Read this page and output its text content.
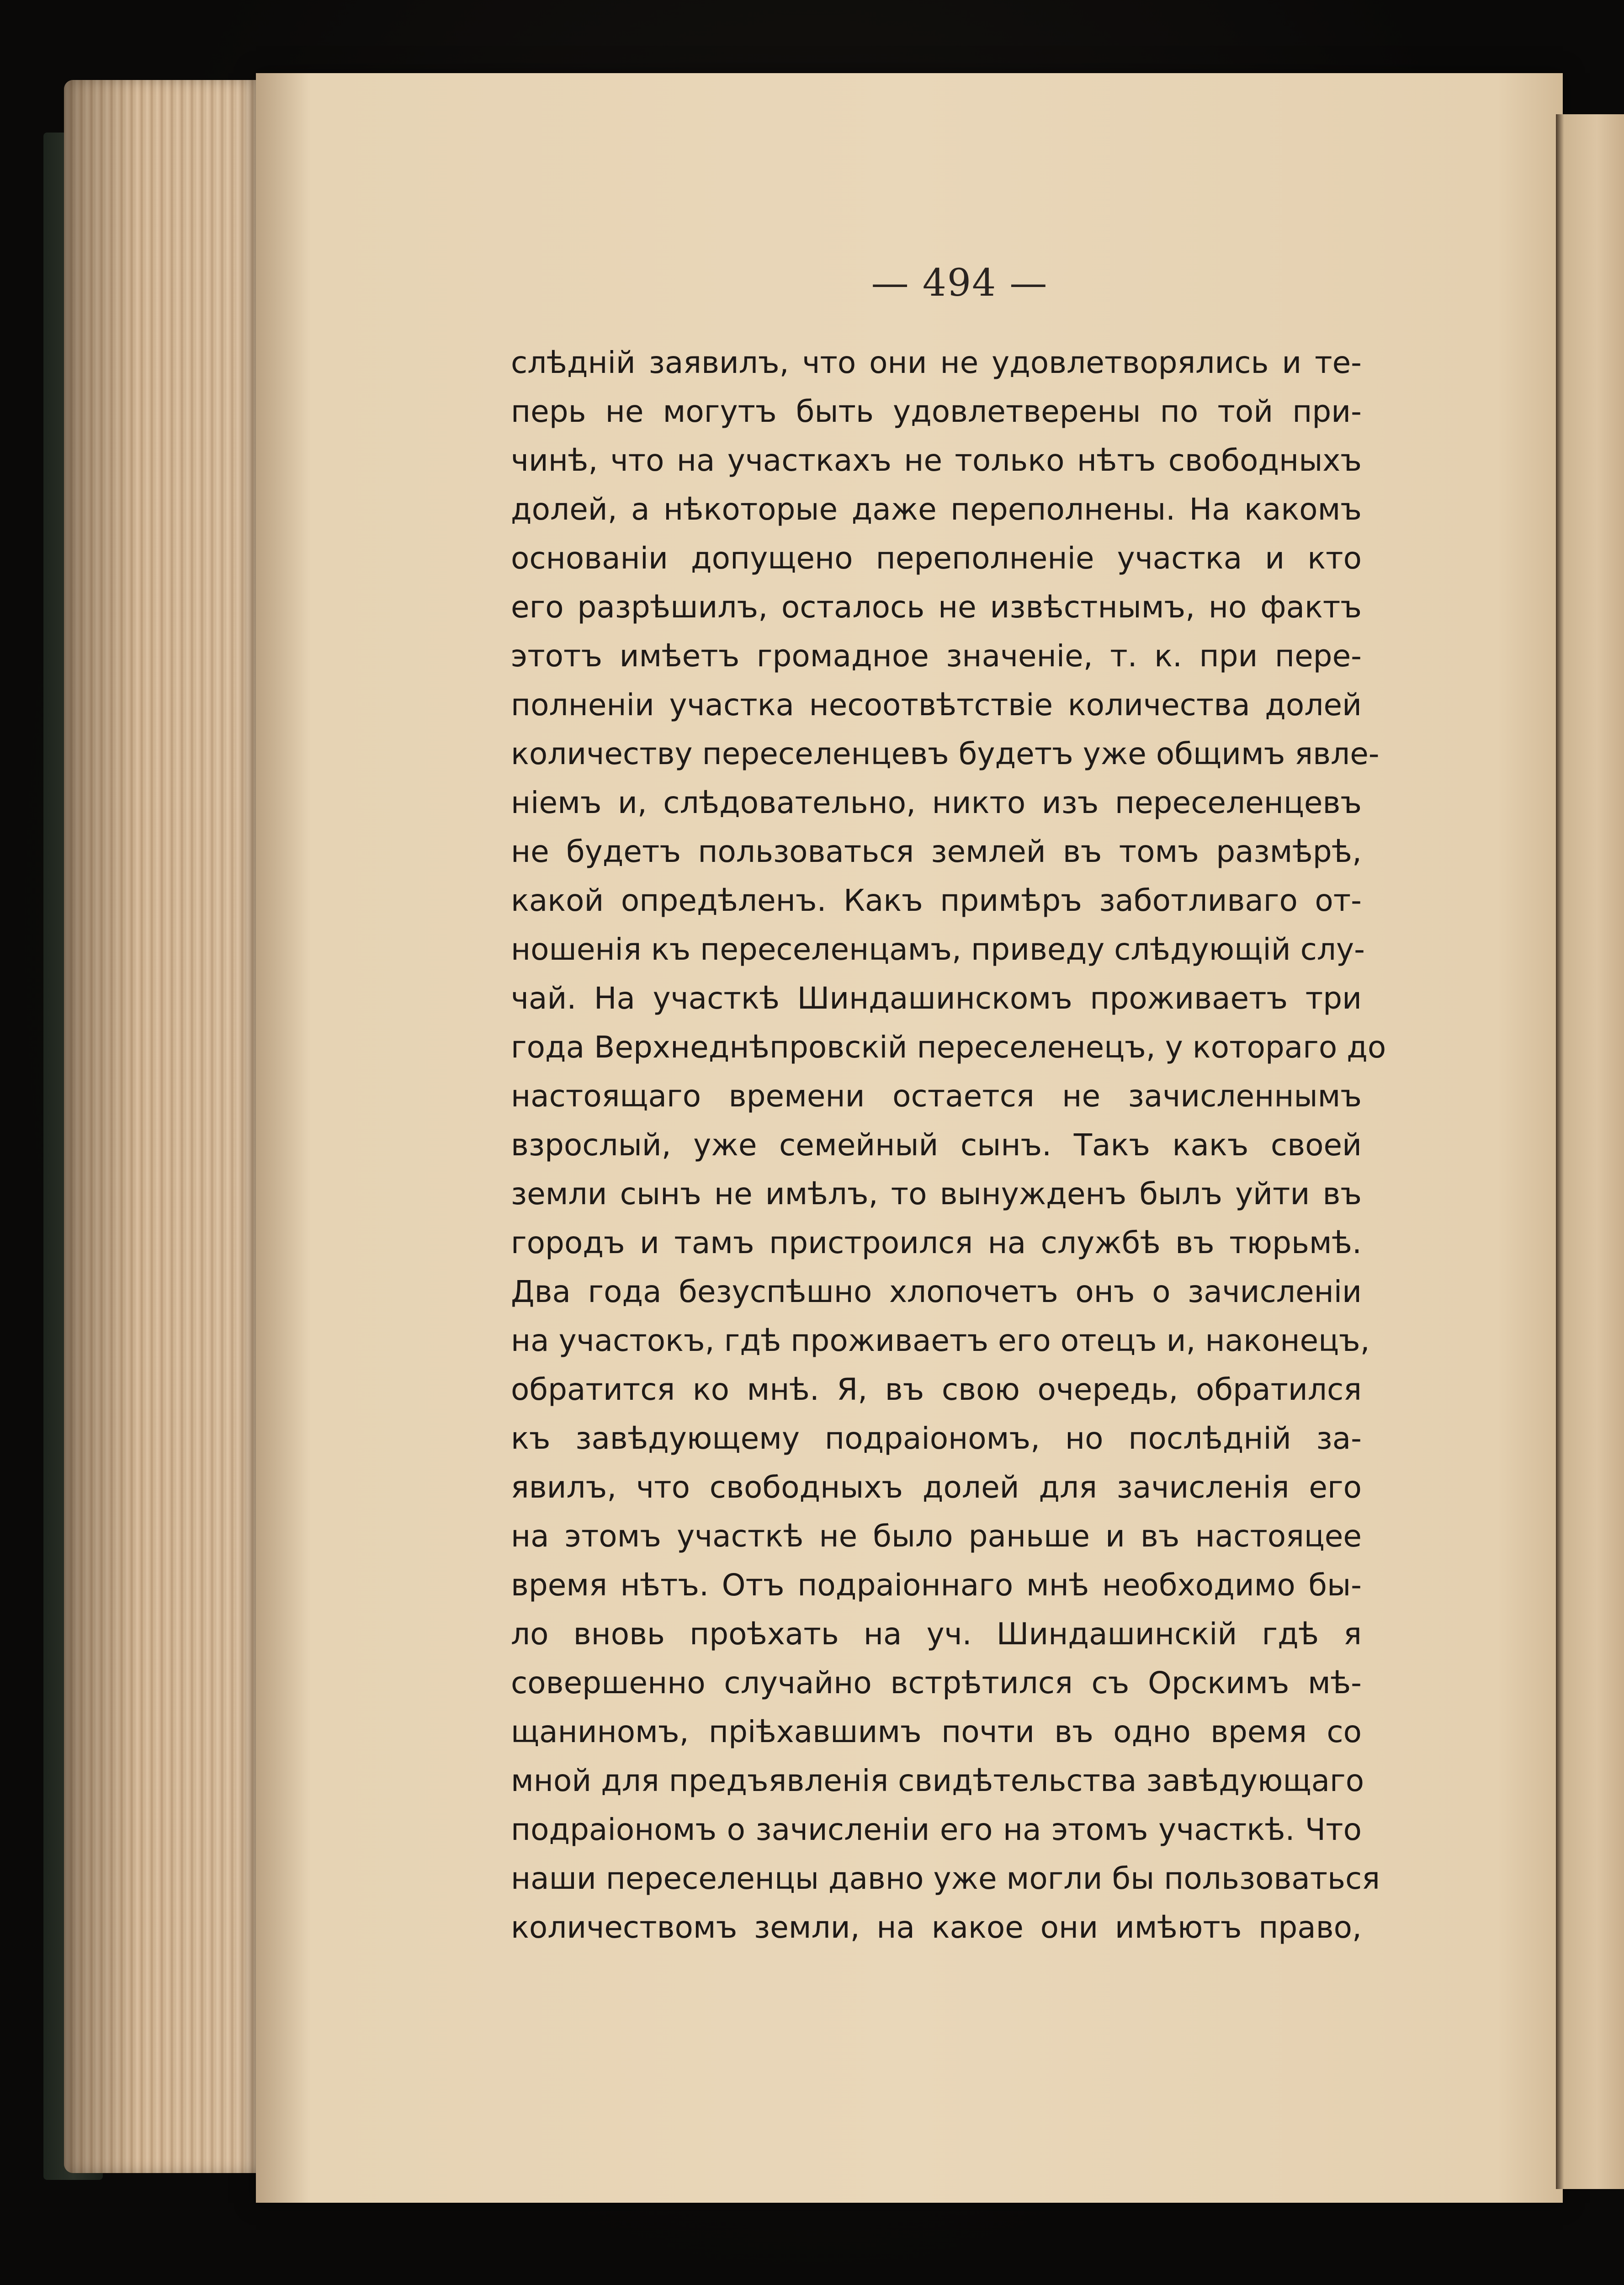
— 494 —
слѣдній заявилъ, что они не удовлетворялись и те-
перь не могутъ быть удовлетверены по той при-
чинѣ, что на участкахъ не только нѣтъ свободныхъ
долей, а нѣкоторые даже переполнены. На какомъ
основаніи допущено переполненіе участка и кто
его разрѣшилъ, осталось не извѣстнымъ, но фактъ
этотъ имѣетъ громадное значеніе, т. к. при пере-
полненіи участка несоотвѣтствіе количества долей
количеству переселенцевъ будетъ уже общимъ явле-
ніемъ и, слѣдовательно, никто изъ переселенцевъ
не будетъ пользоваться землей въ томъ размѣрѣ,
какой опредѣленъ. Какъ примѣръ заботливаго от-
ношенія къ переселенцамъ, приведу слѣдующій слу-
чай. На участкѣ Шиндашинскомъ проживаетъ три
года Верхнеднѣпровскій переселенецъ, у котораго до
настоящаго времени остается не зачисленнымъ
взрослый, уже семейный сынъ. Такъ какъ своей
земли сынъ не имѣлъ, то вынужденъ былъ уйти въ
городъ и тамъ пристроился на службѣ въ тюрьмѣ.
Два года безуспѣшно хлопочетъ онъ о зачисленіи
на участокъ, гдѣ проживаетъ его отецъ и, наконецъ,
обратится ко мнѣ. Я, въ свою очередь, обратился
къ завѣдующему подраіономъ, но послѣдній за-
явилъ, что свободныхъ долей для зачисленія его
на этомъ участкѣ не было раньше и въ настояцее
время нѣтъ. Отъ подраіоннаго мнѣ необходимо бы-
ло вновь проѣхать на уч. Шиндашинскій гдѣ я
совершенно случайно встрѣтился съ Орскимъ мѣ-
щаниномъ, пріѣхавшимъ почти въ одно время со
мной для предъявленія свидѣтельства завѣдующаго
подраіономъ о зачисленіи его на этомъ участкѣ. Что
наши переселенцы давно уже могли бы пользоваться
количествомъ земли, на какое они имѣютъ право,
